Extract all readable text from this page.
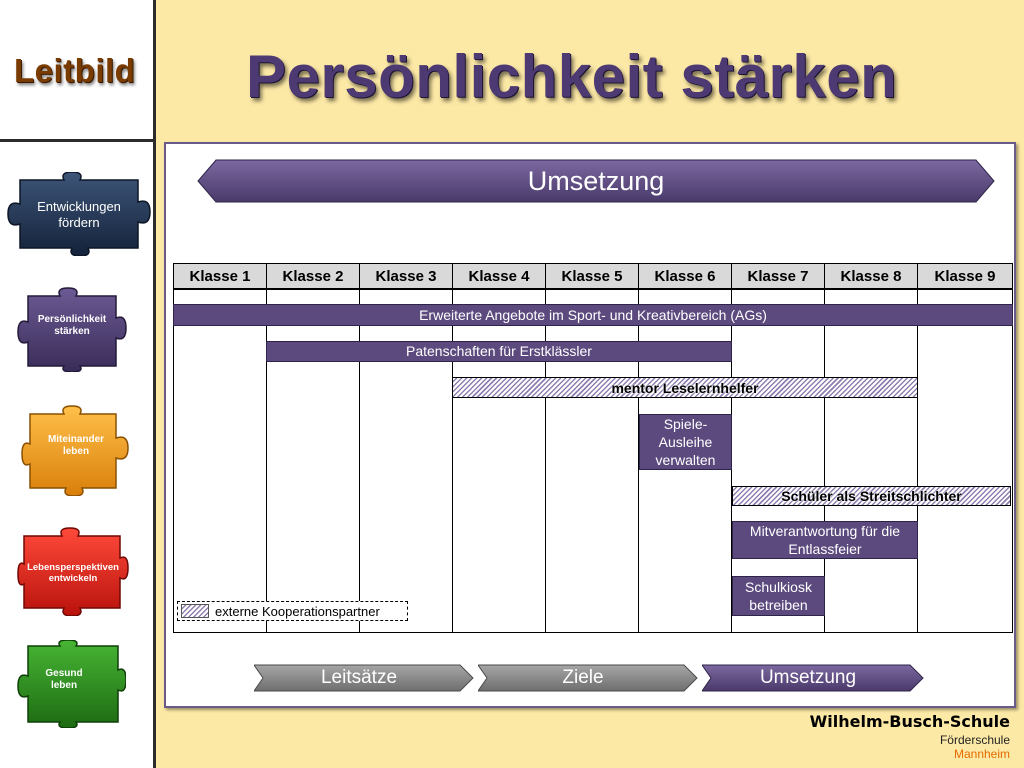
Leitbild
Entwicklungen
fördern
Persönlichkeit
stärken
Miteinander
leben
Lebensperspektiven
entwickeln
Gesund
leben
Persönlichkeit stärken
Umsetzung
Klasse 1	Klasse 2	Klasse 3	Klasse 4	Klasse 5	Klasse 6	Klasse 7	Klasse 8	Klasse 9
Erweiterte Angebote im Sport- und Kreativbereich (AGs)
Patenschaften für Erstklässler
mentor Leselernhelfer
Spiele-
Ausleihe
verwalten
Schüler als Streitschlichter
Mitverantwortung für die
Entlassfeier
Schulkiosk
betreiben
externe Kooperationspartner
Leitsätze	Ziele	Umsetzung
Wilhelm-Busch-Schule
Förderschule
Mannheim
